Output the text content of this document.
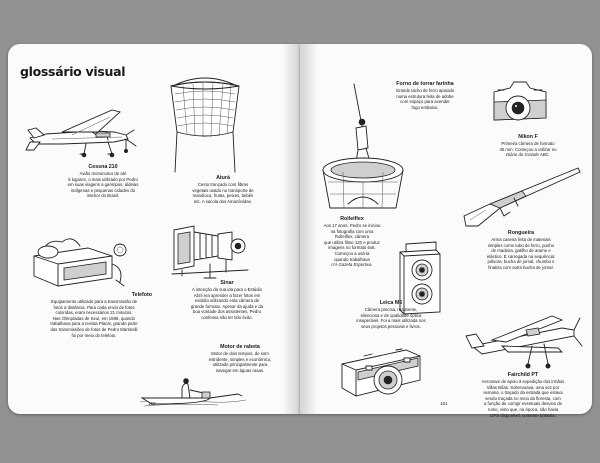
glossário visual
Cessna 210
Avião monomotor de até
6 lugares, o mais utilizado por Pedro
em suas viagens a garimpos, aldeias
indígenas e pequenas cidades do
interior do Brasil.
Aturá
Cesto trançado com fibras
vegetais usado no transporte de
mandioca, frutas, peixes, bebês
etc. A sacola dos Amazônidas.
Sinar
A intenção da sua ida para o Estúdio
Abril era aprender a fazer fotos em
estúdio utilizando esta câmera de
grande formato. Apesar da ajuda e da
boa vontade dos assistentes, Pedro
confessa não ter tido êxito.
Telefoto
Equipamento utilizado para a transmissão de
fotos a distância. Para cada envio de fotos
coloridas, eram necessários 21 minutos.
Nas Olimpíadas de Seul, em 1988, quando
trabalhava para a revista Placar, grande parte
das transmissões de fotos de Pedro Martinelli
foi por meio do telefoto.
Motor de rabeta
Motor de dois tempos, de som
estridente, simples e econômico,
utilizado principalmente para
navegar em águas rasas.
160
Forno de torrar farinha
Grande tacho de ferro apoiado
numa estrutura feita de adobe
com espaço para acender
fogo embaixo.
Nikon F
Primeira câmera de formato
35 mm. Começou a utilizar no
Diário do Grande ABC.
Rongueira
Arma caseira feita de materiais
simples como tubo de ferro, punho
de madeira, gatilho de arame e
elástico. É carregada na sequência:
pólvora, bucha de jornal, chumbo e
finaliza com outra bucha de jornal.
Rolleiflex
Aos 17 anos, Pedro se iniciou
na fotografia com uma
Rolleiflex, câmera
que utiliza filme 120 e produz
imagens no formato 6x6.
Começou a usá-la
quando trabalhava
n'A Gazeta Esportiva.
Leica M6
Câmera precisa, resistente,
silenciosa e de qualidade óptica
insuperável. Foi a mais utilizada nos
seus projetos pessoais e livros.
Fairchild PT
Aeronave de apoio à expedição dos irmãos
Villas Bôas. Sobrevoava, uma vez por
semana, o traçado da estrada que estava
sendo traçada no meio da floresta, com
a função de corrigir eventuais desvios de
rumo, visto que, na época, não havia
GPS disponível, somente bússola.
161
